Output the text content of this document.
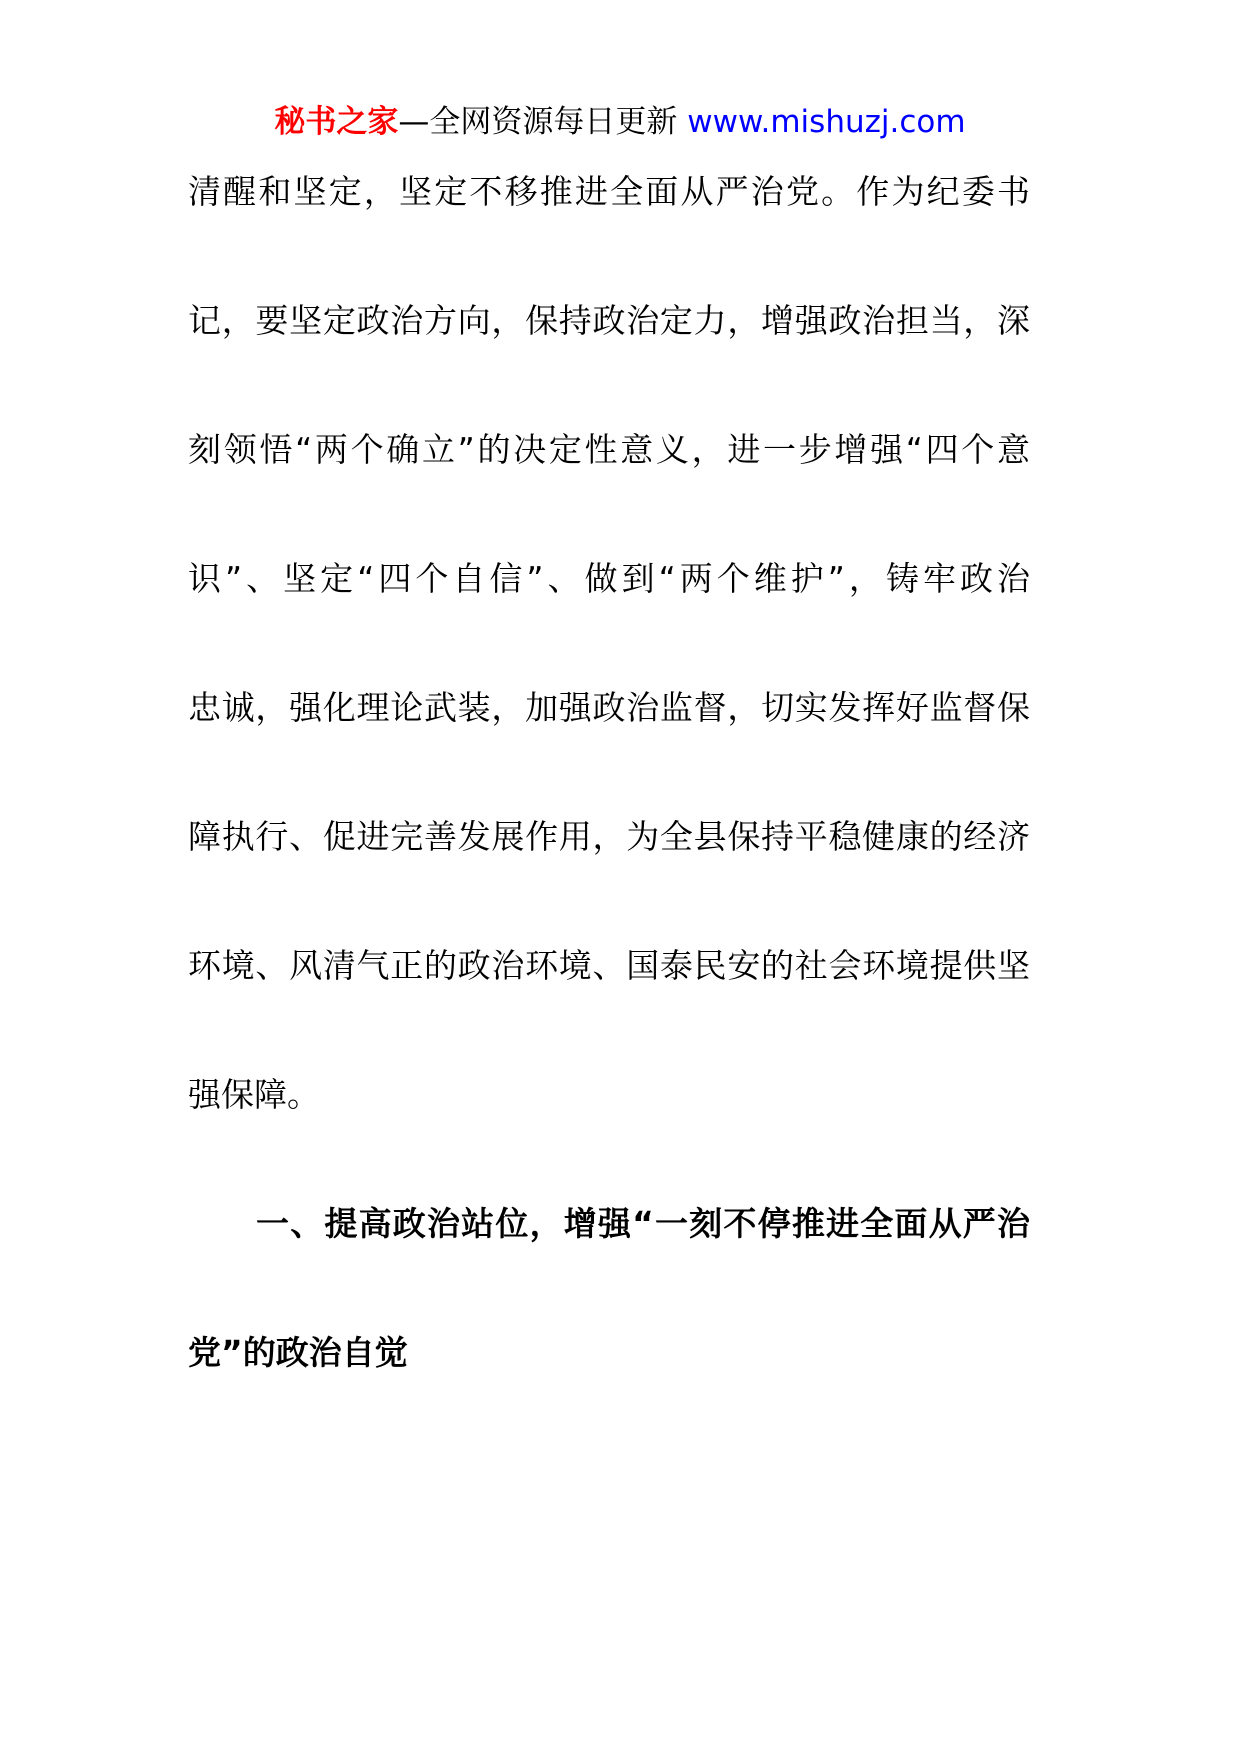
秘书之家—全网资源每日更新 www.mishuzj.com
清醒和坚定，坚定不移推进全面从严治党。作为纪委书
记，要坚定政治方向，保持政治定力，增强政治担当，深
刻领悟“两个确立”的决定性意义，进一步增强“四个意
识”、坚定“四个自信”、做到“两个维护”，铸牢政治
忠诚，强化理论武装，加强政治监督，切实发挥好监督保
障执行、促进完善发展作用，为全县保持平稳健康的经济
环境、风清气正的政治环境、国泰民安的社会环境提供坚
强保障。
一、提高政治站位，增强“一刻不停推进全面从严治
党”的政治自觉
